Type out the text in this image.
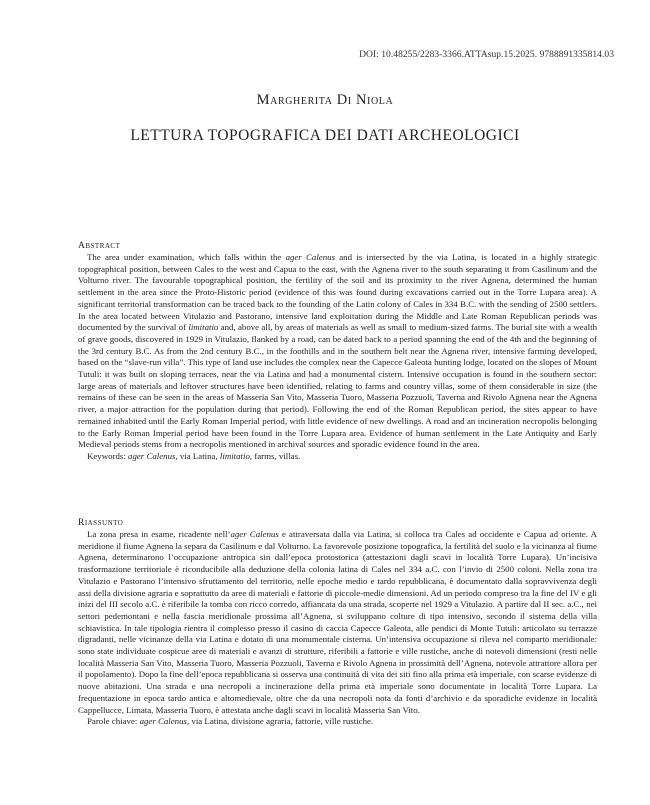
DOI: 10.48255/2283-3366.ATTAsup.15.2025. 9788891335814.03
Margherita Di Niola
LETTURA TOPOGRAFICA DEI DATI ARCHEOLOGICI

Abstract

The area under examination, which falls within the ager Calenus and is intersected by the via Latina, is located in a highly strategic topographical position, between Cales to the west and Capua to the east, with the Agnena river to the south separating it from Casilinum and the Volturno river. The favourable topographical position, the fertility of the soil and its proximity to the river Agnena, determined the human settlement in the area since the Proto-Historic period (evidence of this was found during excavations carried out in the Torre Lupara area). A significant territorial transformation can be traced back to the founding of the Latin colony of Cales in 334 B.C. with the sending of 2500 settlers. In the area located between Vitulazio and Pastorano, intensive land exploitation during the Middle and Late Roman Republican periods was documented by the survival of limitatio and, above all, by areas of materials as well as small to medium-sized farms. The burial site with a wealth of grave goods, discovered in 1929 in Vitulazio, flanked by a road, can be dated back to a period spanning the end of the 4th and the beginning of the 3rd century B.C. As from the 2nd century B.C., in the foothills and in the southern belt near the Agnena river, intensive farming developed, based on the “slave-run villa”. This type of land use includes the complex near the Capecce Galeota hunting lodge, located on the slopes of Mount Tutuli: it was built on sloping terraces, near the via Latina and had a monumental cistern. Intensive occupation is found in the southern sector: large areas of materials and leftover structures have been identified, relating to farms and country villas, some of them considerable in size (the remains of these can be seen in the areas of Masseria San Vito, Masseria Tuoro, Masseria Pozzuoli, Taverna and Rivolo Agnena near the Agnena river, a major attraction for the population during that period). Following the end of the Roman Republican period, the sites appear to have remained inhabited until the Early Roman Imperial period, with little evidence of new dwellings. A road and an incineration necropolis belonging to the Early Roman Imperial period have been found in the Torre Lupara area. Evidence of human settlement in the Late Antiquity and Early Medieval periods stems from a necropolis mentioned in archival sources and sporadic evidence found in the area.

Keywords: ager Calenus, via Latina, limitatio, farms, villas.

Riassunto

La zona presa in esame, ricadente nell’ager Calenus e attraversata dalla via Latina, si colloca tra Cales ad occidente e Capua ad oriente. A meridione il fiume Agnena la separa da Casilinum e dal Volturno. La favorevole posizione topografica, la fertilità del suolo e la vicinanza al fiume Agnena, determinarono l’occupazione antropica sin dall’epoca protostorica (attestazioni dagli scavi in località Torre Lupara). Un’incisiva trasformazione territoriale è riconducibile alla deduzione della colonia latina di Cales nel 334 a.C. con l’invio di 2500 coloni. Nella zona tra Vitulazio e Pastorano l’intensivo sfruttamento del territorio, nelle epoche medio e tardo repubblicana, è documentato dalla sopravvivenza degli assi della divisione agraria e soprattutto da aree di materiali e fattorie di piccole-medie dimensioni. Ad un periodo compreso tra la fine del IV e gli inizi del III secolo a.C. è riferibile la tomba con ricco corredo, affiancata da una strada, scoperte nel 1929 a Vitulazio. A partire dal II sec. a.C., nei settori pedemontani e nella fascia meridionale prossima all’Agnena, si sviluppano colture di tipo intensivo, secondo il sistema della villa schiavistica. In tale tipologia rientra il complesso presso il casino di caccia Capecce Galeota, alle pendici di Monte Tutuli: articolato su terrazze digradanti, nelle vicinanze della via Latina e dotato di una monumentale cisterna. Un’intensiva occupazione si rileva nel comparto meridionale: sono state individuate cospicue aree di materiali e avanzi di strutture, riferibili a fattorie e ville rustiche, anche di notevoli dimensioni (resti nelle località Masseria San Vito, Masseria Tuoro, Masseria Pozzuoli, Taverna e Rivolo Agnena in prossimità dell’Agnena, notevole attrattore allora per il popolamento). Dopo la fine dell’epoca repubblicana si osserva una continuità di vita dei siti fino alla prima età imperiale, con scarse evidenze di nuove abitazioni. Una strada e una necropoli a incinerazione della prima età imperiale sono documentate in località Torre Lupara. La frequentazione in epoca tardo antica e altomedievale, oltre che da una necropoli nota da fonti d’archivio e da sporadiche evidenze in località Cappellucce, Limata, Masseria Tuoro, è attestata anche dagli scavi in località Masseria San Vito.

Parole chiave: ager Calenus, via Latina, divisione agraria, fattorie, ville rustiche.
